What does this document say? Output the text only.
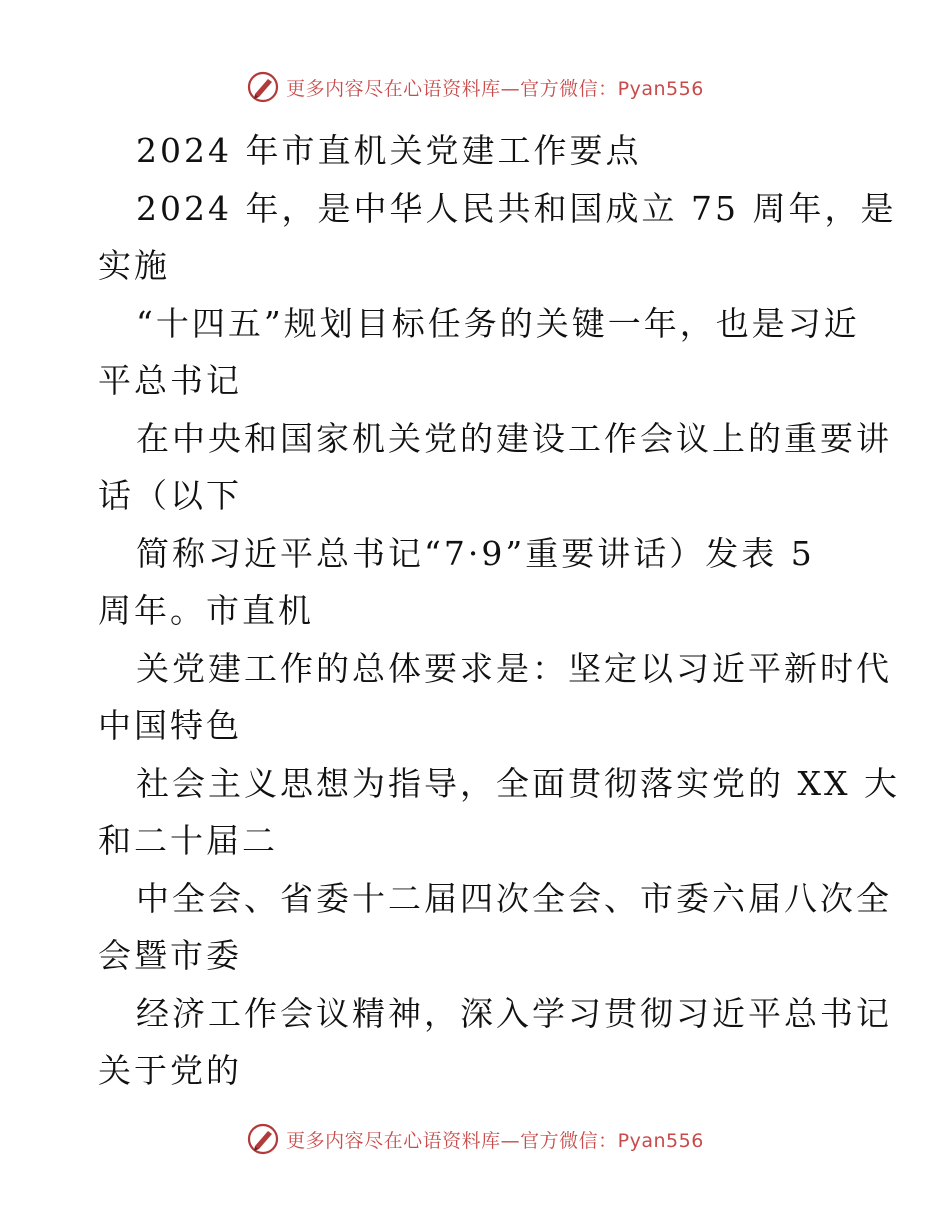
更多内容尽在心语资料库—官方微信：Pyan556
2024 年市直机关党建工作要点
2024 年，是中华人民共和国成立 75 周年，是
实施
“十四五”规划目标任务的关键一年，也是习近
平总书记
在中央和国家机关党的建设工作会议上的重要讲
话（以下
简称习近平总书记“7·9”重要讲话）发表 5
周年。市直机
关党建工作的总体要求是：坚定以习近平新时代
中国特色
社会主义思想为指导，全面贯彻落实党的 XX 大
和二十届二
中全会、省委十二届四次全会、市委六届八次全
会暨市委
经济工作会议精神，深入学习贯彻习近平总书记
关于党的
更多内容尽在心语资料库—官方微信：Pyan556
